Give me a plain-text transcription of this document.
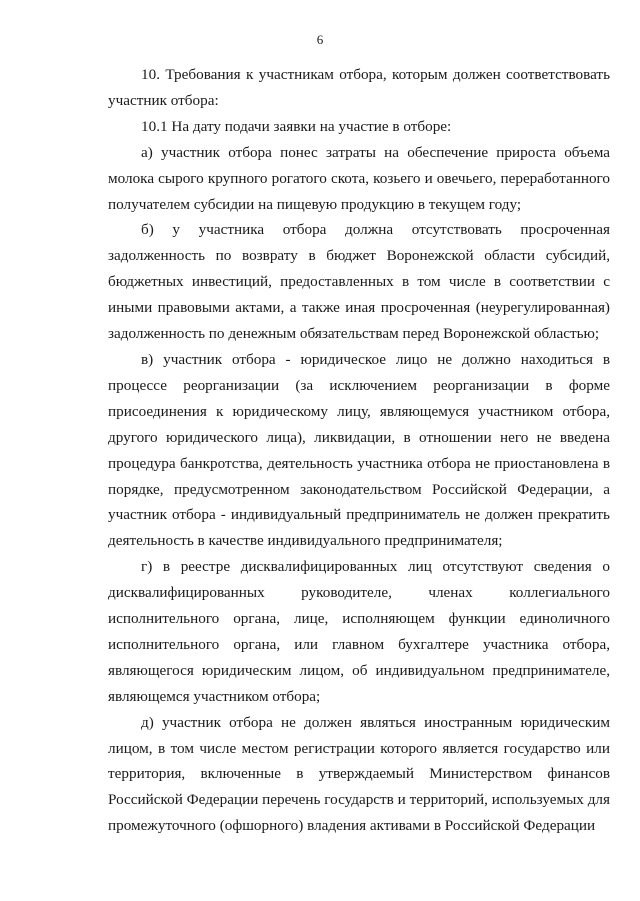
6

10. Требования к участникам отбора, которым должен соответствовать участник отбора:

10.1 На дату подачи заявки на участие в отборе:

а) участник отбора понес затраты на обеспечение прироста объема молока сырого крупного рогатого скота, козьего и овечьего, переработанного получателем субсидии на пищевую продукцию в текущем году;

б) у участника отбора должна отсутствовать просроченная задолженность по возврату в бюджет Воронежской области субсидий, бюджетных инвестиций, предоставленных в том числе в соответствии с иными правовыми актами, а также иная просроченная (неурегулированная) задолженность по денежным обязательствам перед Воронежской областью;

в) участник отбора - юридическое лицо не должно находиться в процессе реорганизации (за исключением реорганизации в форме присоединения к юридическому лицу, являющемуся участником отбора, другого юридического лица), ликвидации, в отношении него не введена процедура банкротства, деятельность участника отбора не приостановлена в порядке, предусмотренном законодательством Российской Федерации, а участник отбора - индивидуальный предприниматель не должен прекратить деятельность в качестве индивидуального предпринимателя;

г) в реестре дисквалифицированных лиц отсутствуют сведения о дисквалифицированных руководителе, членах коллегиального исполнительного органа, лице, исполняющем функции единоличного исполнительного органа, или главном бухгалтере участника отбора, являющегося юридическим лицом, об индивидуальном предпринимателе, являющемся участником отбора;

д) участник отбора не должен являться иностранным юридическим лицом, в том числе местом регистрации которого является государство или территория, включенные в утверждаемый Министерством финансов Российской Федерации перечень государств и территорий, используемых для промежуточного (офшорного) владения активами в Российской Федерации
